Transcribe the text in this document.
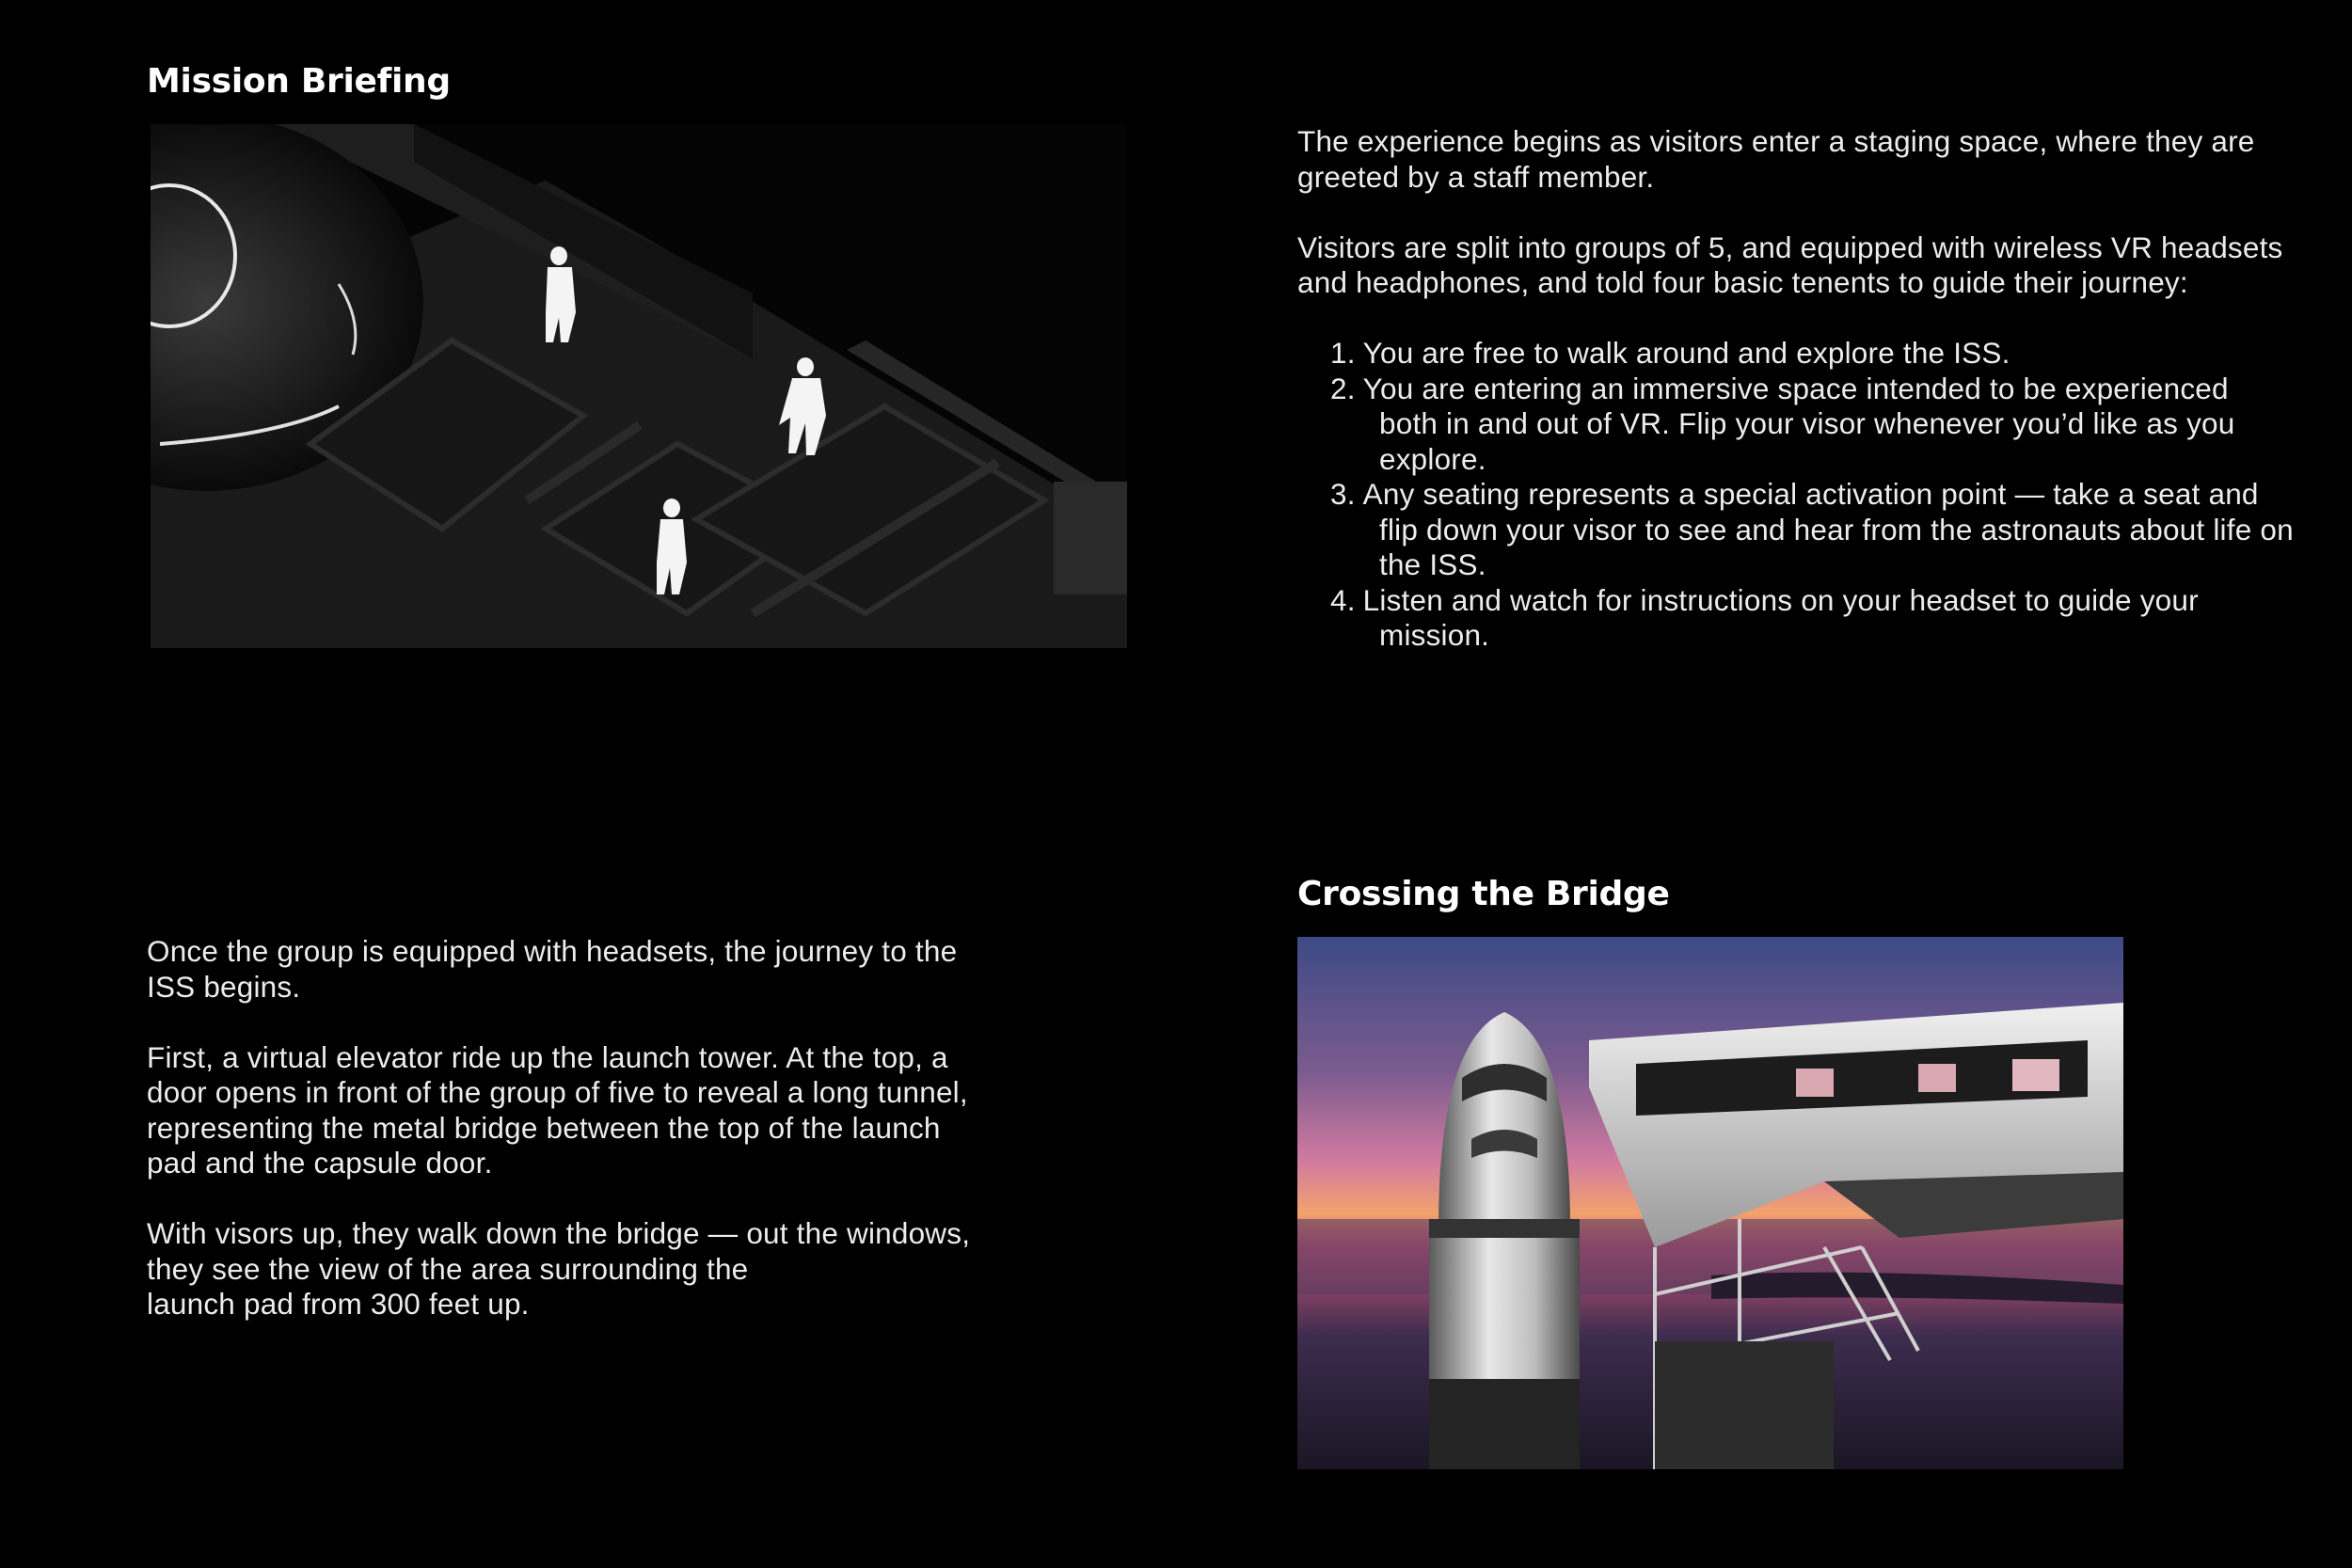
Mission Briefing

The experience begins as visitors enter a staging space, where they are greeted by a staff member.

Visitors are split into groups of 5, and equipped with wireless VR headsets and headphones, and told four basic tenents to guide their journey:

1. You are free to walk around and explore the ISS.
2. You are entering an immersive space intended to be experienced both in and out of VR. Flip your visor whenever you’d like as you explore.
3. Any seating represents a special activation point — take a seat and flip down your visor to see and hear from the astronauts about life on the ISS.
4. Listen and watch for instructions on your headset to guide your mission.

Once the group is equipped with headsets, the journey to the
ISS begins.

First, a virtual elevator ride up the launch tower. At the top, a
door opens in front of the group of five to reveal a long tunnel,
representing the metal bridge between the top of the launch
pad and the capsule door.

With visors up, they walk down the bridge — out the windows,
they see the view of the area surrounding the
launch pad from 300 feet up.

Crossing the Bridge
